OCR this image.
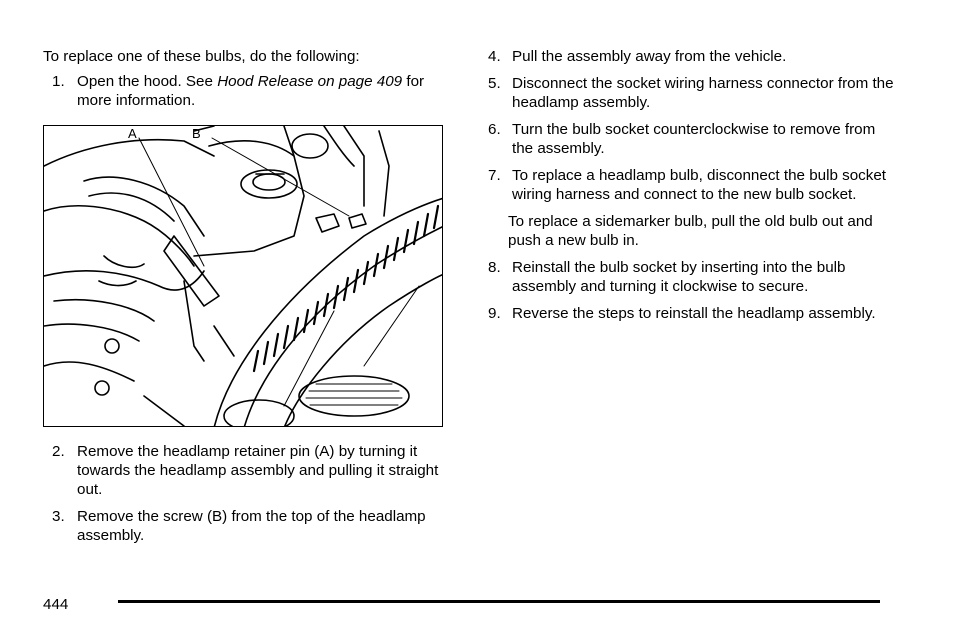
To replace one of these bulbs, do the following:
1. Open the hood. See Hood Release on page 409 for more information.
A	B
2. Remove the headlamp retainer pin (A) by turning it towards the headlamp assembly and pulling it straight out.
3. Remove the screw (B) from the top of the headlamp assembly.
4. Pull the assembly away from the vehicle.
5. Disconnect the socket wiring harness connector from the headlamp assembly.
6. Turn the bulb socket counterclockwise to remove from the assembly.
7. To replace a headlamp bulb, disconnect the bulb socket wiring harness and connect to the new bulb socket.
To replace a sidemarker bulb, pull the old bulb out and push a new bulb in.
8. Reinstall the bulb socket by inserting into the bulb assembly and turning it clockwise to secure.
9. Reverse the steps to reinstall the headlamp assembly.
444
